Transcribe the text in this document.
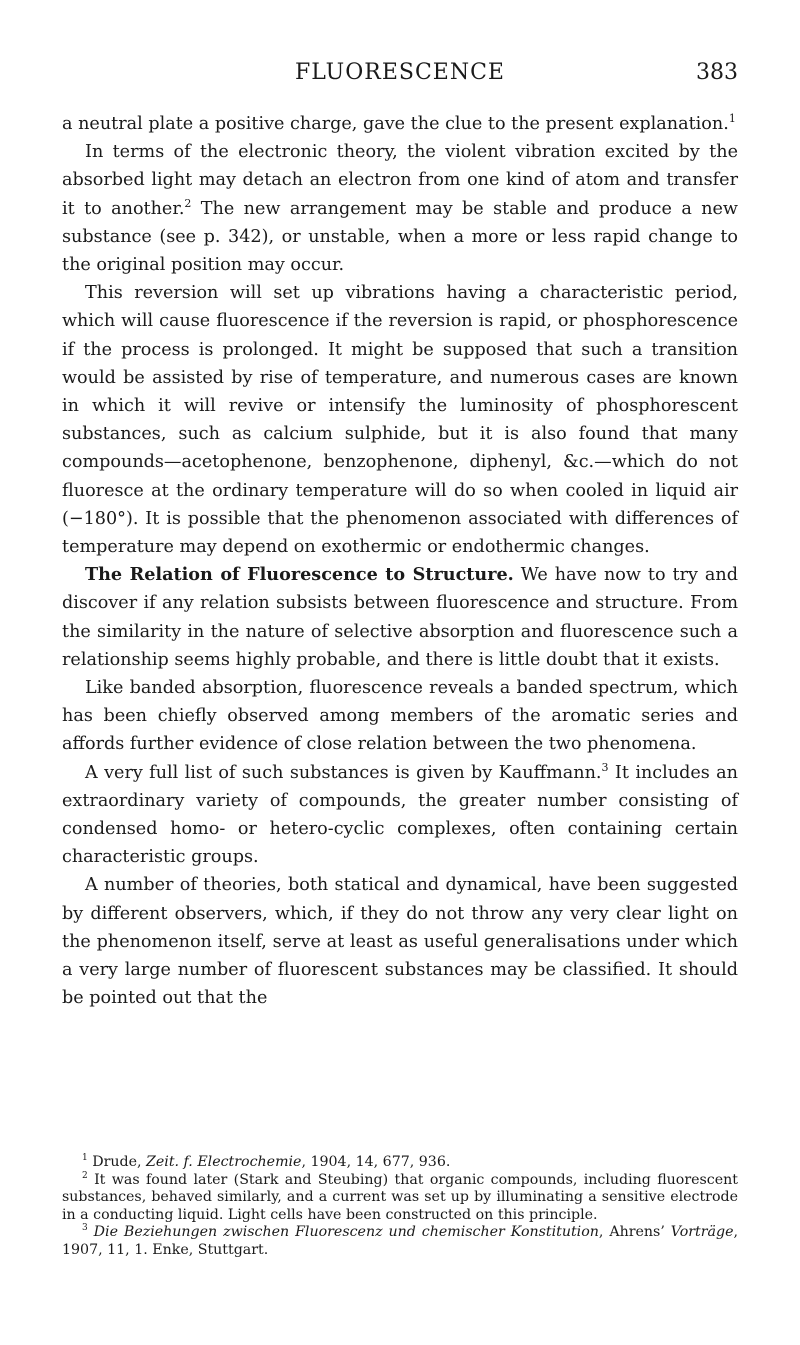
FLUORESCENCE	383

a neutral plate a positive charge, gave the clue to the present explanation.$^1$

In terms of the electronic theory, the violent vibration excited by the absorbed light may detach an electron from one kind of atom and transfer it to another.$^2$ The new arrangement may be stable and produce a new substance (see p. 342), or unstable, when a more or less rapid change to the original position may occur.

This reversion will set up vibrations having a characteristic period, which will cause fluorescence if the reversion is rapid, or phosphorescence if the process is prolonged. It might be supposed that such a transition would be assisted by rise of temperature, and numerous cases are known in which it will revive or intensify the luminosity of phosphorescent substances, such as calcium sulphide, but it is also found that many compounds—acetophenone, benzophenone, diphenyl, &c.—which do not fluoresce at the ordinary temperature will do so when cooled in liquid air (−180°). It is possible that the phenomenon associated with differences of temperature may depend on exothermic or endothermic changes.

The Relation of Fluorescence to Structure. We have now to try and discover if any relation subsists between fluorescence and structure. From the similarity in the nature of selective absorption and fluorescence such a relationship seems highly probable, and there is little doubt that it exists.

Like banded absorption, fluorescence reveals a banded spectrum, which has been chiefly observed among members of the aromatic series and affords further evidence of close relation between the two phenomena.

A very full list of such substances is given by Kauffmann.$^3$ It includes an extraordinary variety of compounds, the greater number consisting of condensed homo- or hetero-cyclic complexes, often containing certain characteristic groups.

A number of theories, both statical and dynamical, have been suggested by different observers, which, if they do not throw any very clear light on the phenomenon itself, serve at least as useful generalisations under which a very large number of fluorescent substances may be classified. It should be pointed out that the

$^1$ Drude, Zeit. f. Electrochemie, 1904, 14, 677, 936.

$^2$ It was found later (Stark and Steubing) that organic compounds, including fluorescent substances, behaved similarly, and a current was set up by illuminating a sensitive electrode in a conducting liquid. Light cells have been constructed on this principle.

$^3$ Die Beziehungen zwischen Fluorescenz und chemischer Konstitution, Ahrens’ Vorträge, 1907, 11, 1. Enke, Stuttgart.
